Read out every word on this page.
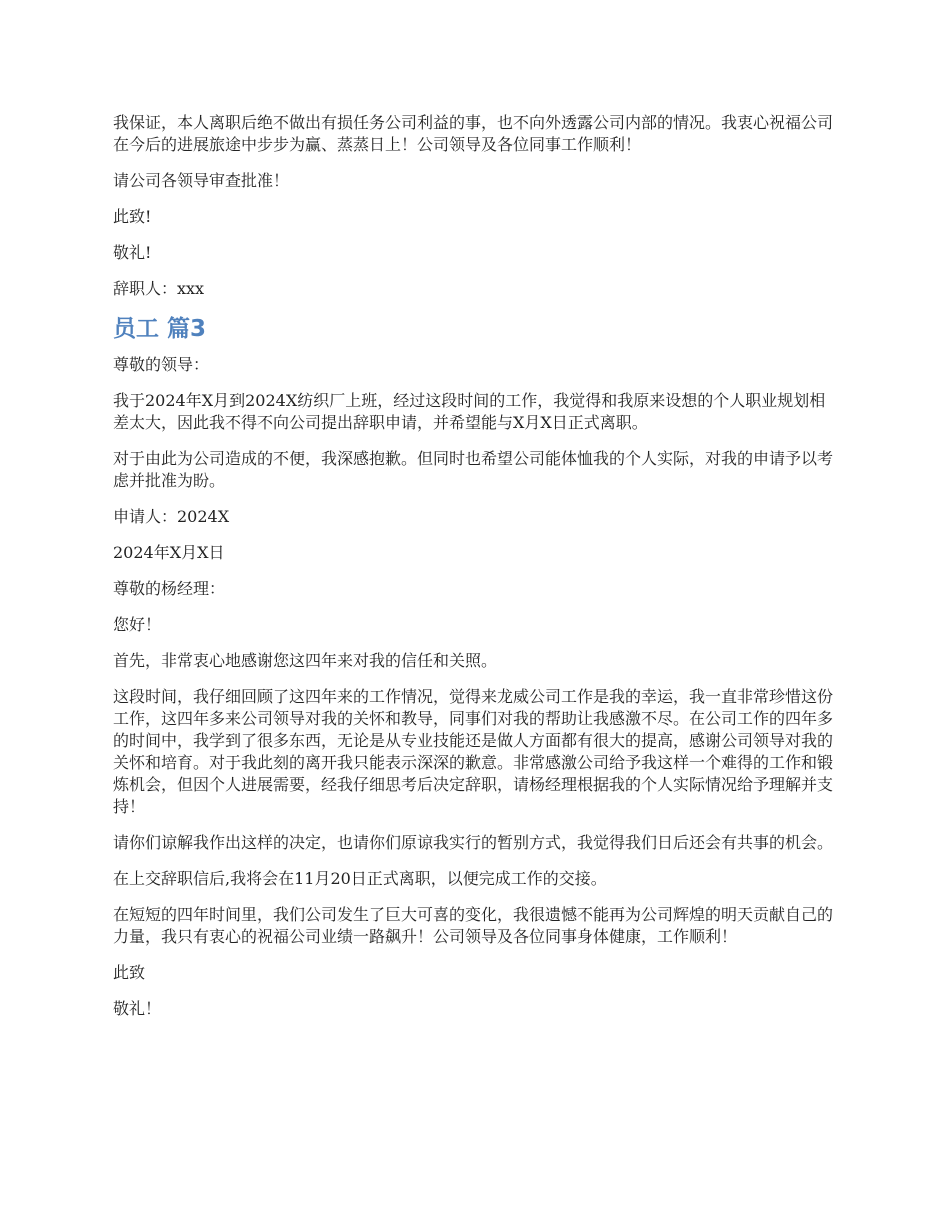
我保证，本人离职后绝不做出有损任务公司利益的事，也不向外透露公司内部的情况。我衷心祝福公司在今后的进展旅途中步步为赢、蒸蒸日上！公司领导及各位同事工作顺利！

请公司各领导审查批准！

此致!

敬礼!

辞职人：xxx

员工 篇3

尊敬的领导：

我于2024年X月到2024X纺织厂上班，经过这段时间的工作，我觉得和我原来设想的个人职业规划相差太大，因此我不得不向公司提出辞职申请，并希望能与X月X日正式离职。

对于由此为公司造成的不便，我深感抱歉。但同时也希望公司能体恤我的个人实际，对我的申请予以考虑并批准为盼。

申请人：2024X

2024年X月X日

尊敬的杨经理：

您好！

首先，非常衷心地感谢您这四年来对我的信任和关照。

这段时间，我仔细回顾了这四年来的工作情况，觉得来龙威公司工作是我的幸运，我一直非常珍惜这份工作，这四年多来公司领导对我的关怀和教导，同事们对我的帮助让我感激不尽。在公司工作的四年多的时间中，我学到了很多东西，无论是从专业技能还是做人方面都有很大的提高，感谢公司领导对我的关怀和培育。对于我此刻的离开我只能表示深深的歉意。非常感激公司给予我这样一个难得的工作和锻炼机会，但因个人进展需要，经我仔细思考后决定辞职，请杨经理根据我的个人实际情况给予理解并支持！

请你们谅解我作出这样的决定，也请你们原谅我实行的暂别方式，我觉得我们日后还会有共事的机会。

在上交辞职信后,我将会在11月20日正式离职，以便完成工作的交接。

在短短的四年时间里，我们公司发生了巨大可喜的变化，我很遗憾不能再为公司辉煌的明天贡献自己的力量，我只有衷心的祝福公司业绩一路飙升！公司领导及各位同事身体健康，工作顺利！

此致

敬礼！
